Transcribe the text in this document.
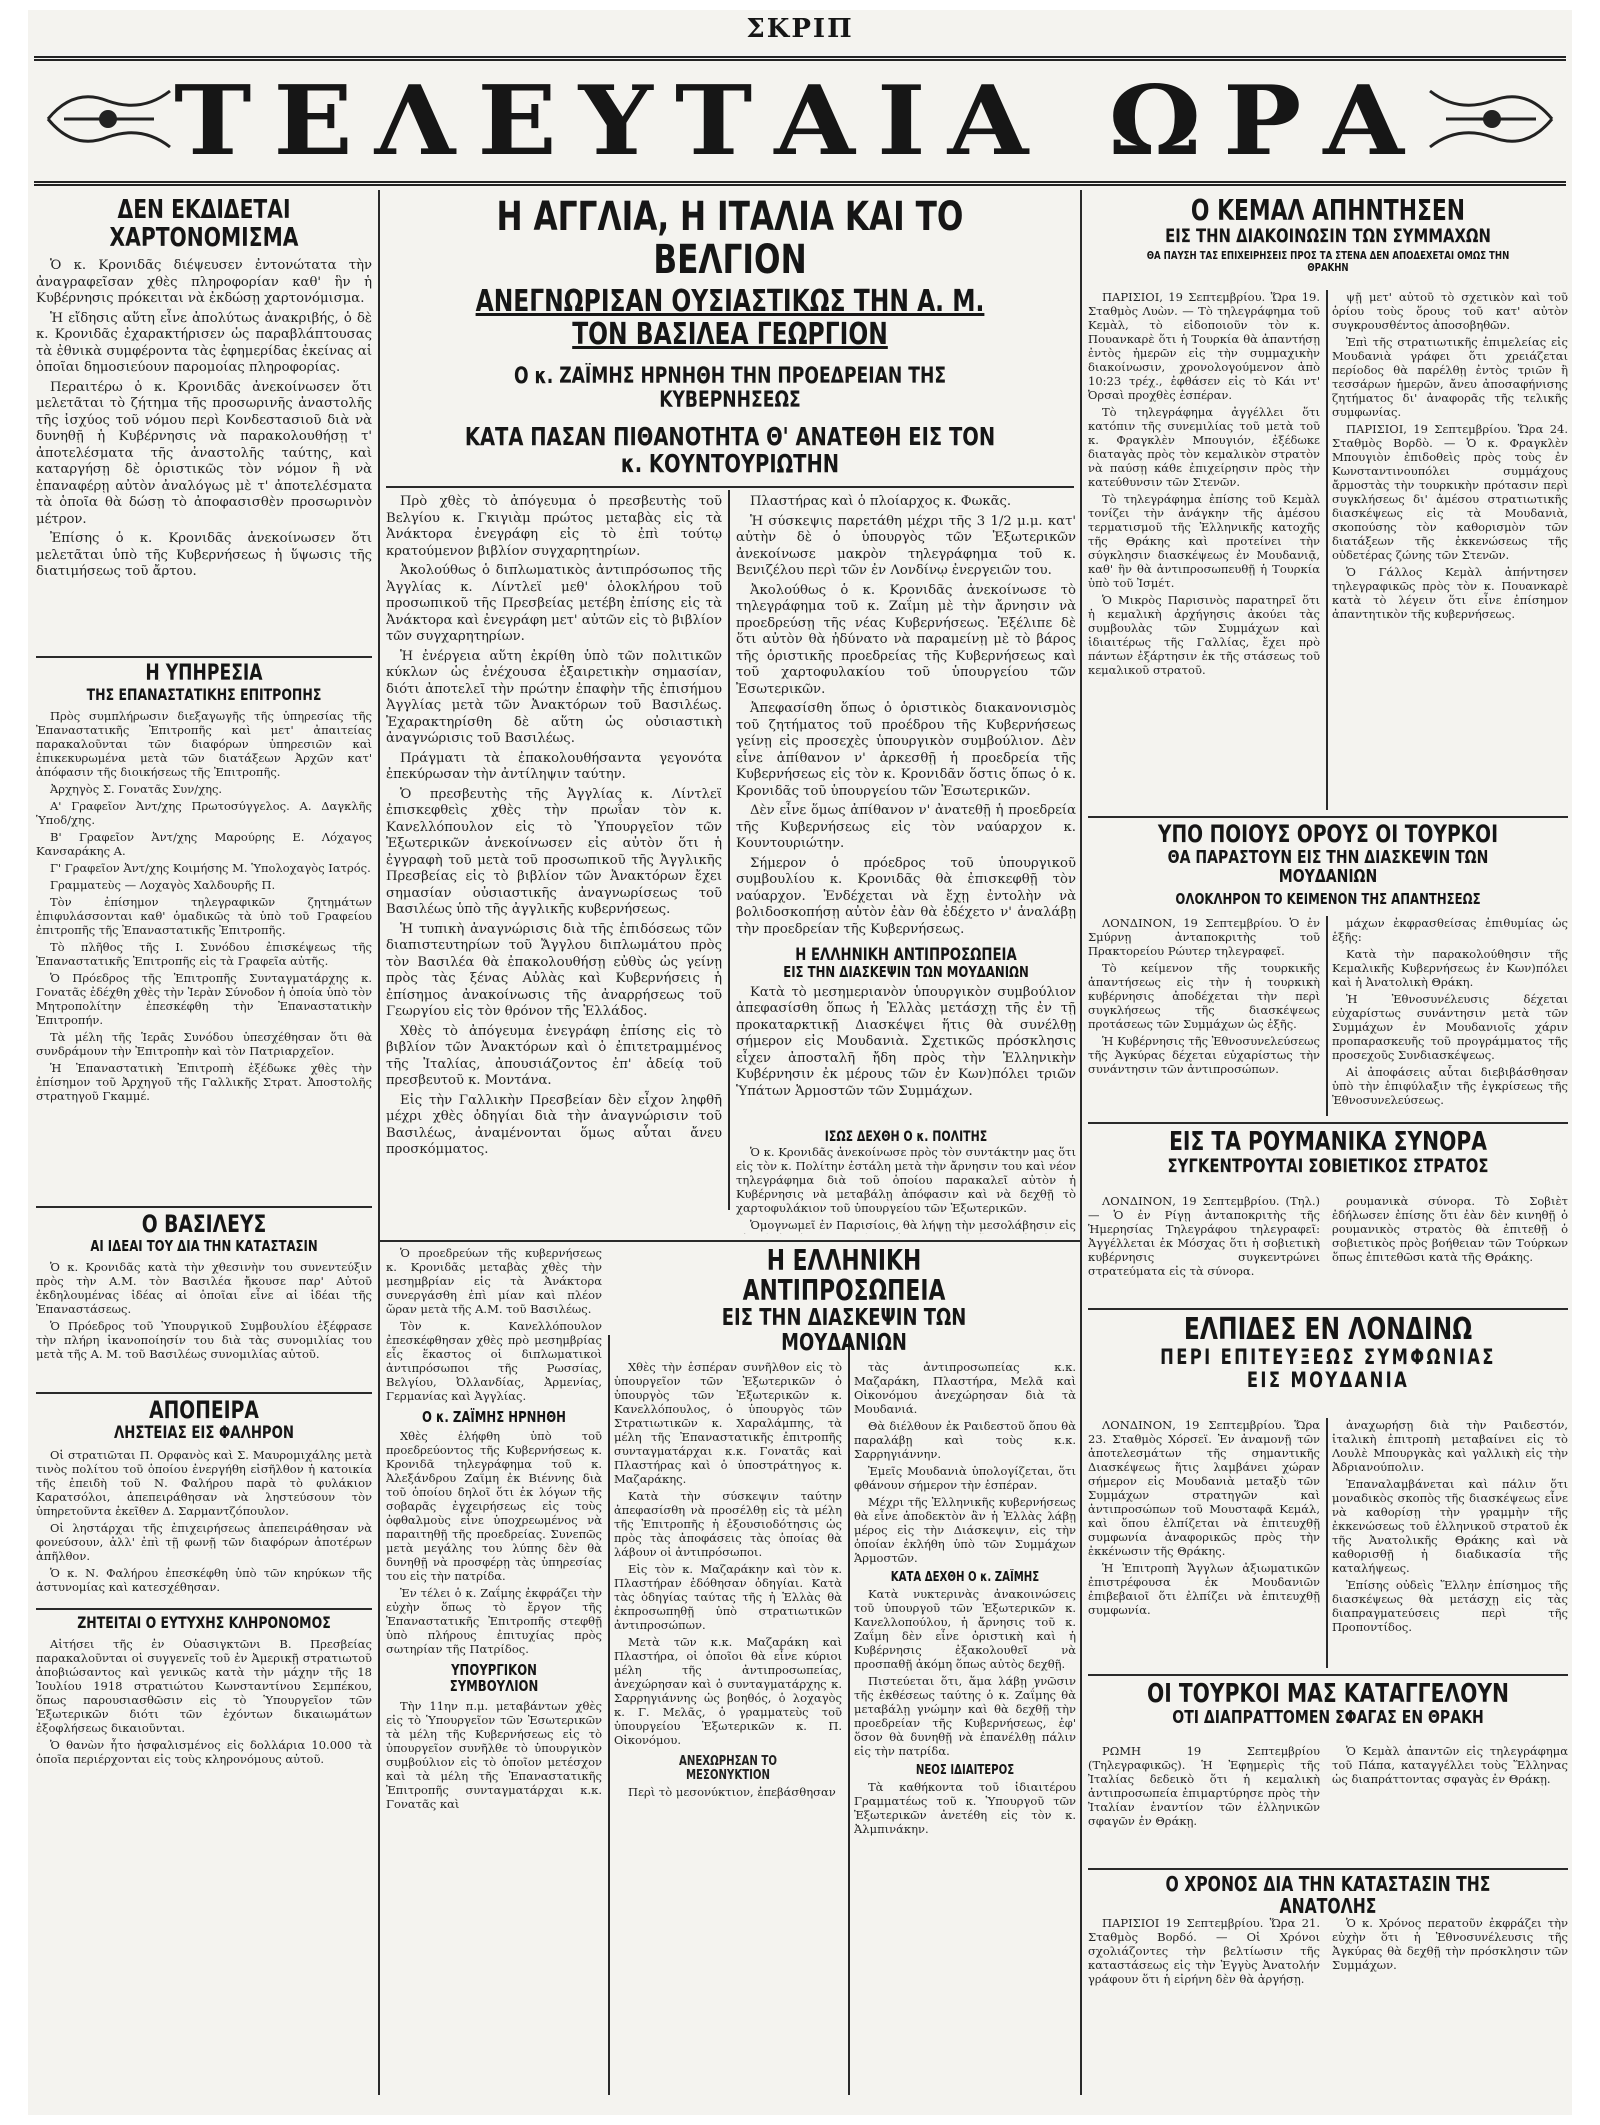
ΣΚΡΙΠ
ΤΕΛΕΥΤΑΙΑ ΩΡΑ
ΔΕΝ ΕΚΔΙΔΕΤΑΙ
ΧΑΡΤΟΝΟΜΙΣΜΑ

Ὁ κ. Κρονιδᾶς διέψευσεν ἐντονώτατα τὴν ἀναγραφεῖσαν χθὲς πληροφορίαν καθ' ἣν ἡ Κυβέρνησις πρόκειται νὰ ἐκδώσῃ χαρτονόμισμα.

Ἡ εἴδησις αὕτη εἶνε ἀπολύτως ἀνακριβής, ὁ δὲ κ. Κρονιδᾶς ἐχαρακτήρισεν ὡς παραβλάπτουσας τὰ ἐθνικὰ συμφέροντα τὰς ἐφημερίδας ἐκείνας αἱ ὁποῖαι δημοσιεύουν παρομοίας πληροφορίας.

Περαιτέρω ὁ κ. Κρονιδᾶς ἀνεκοίνωσεν ὅτι μελετᾶται τὸ ζήτημα τῆς προσωρινῆς ἀναστολῆς τῆς ἰσχύος τοῦ νόμου περὶ Κονδεστασιοῦ διὰ νὰ δυνηθῇ ἡ Κυβέρνησις νὰ παρακολουθήσῃ τ' ἀποτελέσματα τῆς ἀναστολῆς ταύτης, καὶ καταργήσῃ δὲ ὁριστικῶς τὸν νόμον ἢ νὰ ἐπαναφέρῃ αὐτὸν ἀναλόγως μὲ τ' ἀποτελέσματα τὰ ὁποῖα θὰ δώσῃ τὸ ἀποφασισθὲν προσωρινὸν μέτρον.

Ἐπίσης ὁ κ. Κρονιδᾶς ἀνεκοίνωσεν ὅτι μελετᾶται ὑπὸ τῆς Κυβερνήσεως ἡ ὕψωσις τῆς διατιμήσεως τοῦ ἄρτου.

Η ΥΠΗΡΕΣΙΑ
ΤΗΣ ΕΠΑΝΑΣΤΑΤΙΚΗΣ ΕΠΙΤΡΟΠΗΣ

Πρὸς συμπλήρωσιν διεξαγωγῆς τῆς ὑπηρεσίας τῆς Ἐπαναστατικῆς Ἐπιτροπῆς καὶ μετ' ἀπαιτείας παρακαλοῦνται τῶν διαφόρων ὑπηρεσιῶν καὶ ἐπικεκυρωμένα μετὰ τῶν διατάξεων Ἀρχῶν κατ' ἀπόφασιν τῆς διοικήσεως τῆς Ἐπιτροπῆς.

Ἀρχηγὸς Σ. Γονατᾶς Συν/χης.

Α' Γραφεῖον Ἀντ/χης Πρωτοσύγγελος. Α. Δαγκλῆς Ὑποδ/χης.

Β' Γραφεῖον Ἀντ/χης Μαρούρης Ε. Λόχαγος Κανσαράκης Α.

Γ' Γραφεῖον Ἀντ/χης Κοιμήσης Μ. Ὑπολοχαγὸς Ιατρός.

Γραμματεὺς — Λοχαγὸς Χαλδουρῆς Π.

Τὸν ἐπίσημον τηλεγραφικῶν ζητημάτων ἐπιφυλάσσονται καθ' ὁμαδικῶς τὰ ὑπὸ τοῦ Γραφείου ἐπιτροπῆς τῆς Ἐπαναστατικῆς Ἐπιτροπῆς.

Τὸ πλῆθος τῆς Ι. Συνόδου ἐπισκέψεως τῆς Ἐπαναστατικῆς Ἐπιτροπῆς εἰς τὰ Γραφεῖα αὐτῆς.

Ὁ Πρόεδρος τῆς Ἐπιτροπῆς Συνταγματάρχης κ. Γονατᾶς ἐδέχθη χθὲς τὴν Ἱερὰν Σύνοδον ἡ ὁποία ὑπὸ τὸν Μητροπολίτην ἐπεσκέφθη τὴν Ἐπαναστατικὴν Ἐπιτροπήν.

Τὰ μέλη τῆς Ἱερᾶς Συνόδου ὑπεσχέθησαν ὅτι θὰ συνδράμουν τὴν Ἐπιτροπὴν καὶ τὸν Πατριαρχεῖον.

Ἡ Ἐπαναστατικὴ Ἐπιτροπὴ ἐξέδωκε χθὲς τὴν ἐπίσημον τοῦ Ἀρχηγοῦ τῆς Γαλλικῆς Στρατ. Ἀποστολῆς στρατηγοῦ Γκαμμέ.

Ο ΒΑΣΙΛΕΥΣ
ΑΙ ΙΔΕΑΙ ΤΟΥ ΔΙΑ ΤΗΝ ΚΑΤΑΣΤΑΣΙΝ

Ὁ κ. Κρονιδᾶς κατὰ τὴν χθεσινὴν του συνεντεύξιν πρὸς τὴν Α.Μ. τὸν Βασιλέα ἤκουσε παρ' Αὐτοῦ ἐκδηλουμένας ἰδέας αἱ ὁποῖαι εἶνε αἱ ἰδέαι τῆς Ἐπαναστάσεως.

Ὁ Πρόεδρος τοῦ Ὑπουργικοῦ Συμβουλίου ἐξέφρασε τὴν πλήρη ἱκανοποίησίν του διὰ τὰς συνομιλίας του μετὰ τῆς Α. Μ. τοῦ Βασιλέως συνομιλίας αὐτοῦ.

ΑΠΟΠΕΙΡΑ
ΛΗΣΤΕΙΑΣ ΕΙΣ ΦΑΛΗΡΟΝ

Οἱ στρατιῶται Π. Ορφανὸς καὶ Σ. Μαυρομιχάλης μετὰ τινὸς πολίτου τοῦ ὁποίου ἐνεργήθη εἰσῆλθον ἡ κατοικία τῆς ἐπειδὴ τοῦ Ν. Φαλήρου παρὰ τὸ φυλάκιον Καρατσόλοι, ἀπεπειράθησαν νὰ ληστεύσουν τὸν ὑπηρετοῦντα ἐκεῖθεν Δ. Σαρμαντζόπουλον.

Οἱ ληστάρχαι τῆς ἐπιχειρήσεως ἀπεπειράθησαν νὰ φονεύσουν, ἀλλ' ἐπὶ τῇ φωνῇ τῶν διαφόρων ἀποτέρων ἀπῆλθον.

Ὁ κ. Ν. Φαλήρου ἐπεσκέφθη ὑπὸ τῶν κηρύκων τῆς ἀστυνομίας καὶ κατεσχέθησαν.

ΖΗΤΕΙΤΑΙ Ο ΕΥΤΥΧΗΣ ΚΛΗΡΟΝΟΜΟΣ

Αἰτήσει τῆς ἐν Οὐασιγκτῶνι Β. Πρεσβείας παρακαλοῦνται οἱ συγγενεῖς τοῦ ἐν Ἀμερικῇ στρατιωτοῦ ἀποβιώσαντος καὶ γενικῶς κατὰ τὴν μάχην τῆς 18 Ἰουλίου 1918 στρατιώτου Κωνσταντίνου Σεμπέκου, ὅπως παρουσιασθῶσιν εἰς τὸ Ὑπουργεῖον τῶν Ἐξωτερικῶν διότι τῶν ἐχόντων δικαιωμάτων ἐξοφλήσεως δικαιοῦνται.

Ὁ θανὼν ἦτο ἠσφαλισμένος εἰς δολλάρια 10.000 τὰ ὁποῖα περιέρχονται εἰς τοὺς κληρονόμους αὐτοῦ.

Η ΑΓΓΛΙΑ, Η ΙΤΑΛΙΑ ΚΑΙ ΤΟ ΒΕΛΓΙΟΝ
ΑΝΕΓΝΩΡΙΣΑΝ ΟΥΣΙΑΣΤΙΚΩΣ ΤΗΝ Α. Μ. ΤΟΝ ΒΑΣΙΛΕΑ ΓΕΩΡΓΙΟΝ
Ο κ. ΖΑΪΜΗΣ ΗΡΝΗΘΗ ΤΗΝ ΠΡΟΕΔΡΕΙΑΝ ΤΗΣ ΚΥΒΕΡΝΗΣΕΩΣ
ΚΑΤΑ ΠΑΣΑΝ ΠΙΘΑΝΟΤΗΤΑ Θ' ΑΝΑΤΕΘΗ ΕΙΣ ΤΟΝ κ. ΚΟΥΝΤΟΥΡΙΩΤΗΝ

Πρὸ χθὲς τὸ ἀπόγευμα ὁ πρεσβευτὴς τοῦ Βελγίου κ. Γκιγιὰμ πρώτος μεταβὰς εἰς τὰ Ἀνάκτορα ἐνεγράφη εἰς τὸ ἐπὶ τούτῳ κρατούμενον βιβλίον συγχαρητηρίων.

Ἀκολούθως ὁ διπλωματικὸς ἀντιπρόσωπος τῆς Ἀγγλίας κ. Λίντλεϊ μεθ' ὁλοκλήρου τοῦ προσωπικοῦ τῆς Πρεσβείας μετέβη ἐπίσης εἰς τὰ Ἀνάκτορα καὶ ἐνεγράφη μετ' αὐτῶν εἰς τὸ βιβλίον τῶν συγχαρητηρίων.

Ἡ ἐνέργεια αὕτη ἐκρίθη ὑπὸ τῶν πολιτικῶν κύκλων ὡς ἐνέχουσα ἐξαιρετικὴν σημασίαν, διότι ἀποτελεῖ τὴν πρώτην ἐπαφὴν τῆς ἐπισήμου Ἀγγλίας μετὰ τῶν Ἀνακτόρων τοῦ Βασιλέως. Ἐχαρακτηρίσθη δὲ αὕτη ὡς οὐσιαστικὴ ἀναγνώρισις τοῦ Βασιλέως.

Πράγματι τὰ ἐπακολουθήσαντα γεγονότα ἐπεκύρωσαν τὴν ἀντίληψιν ταύτην.

Ὁ πρεσβευτὴς τῆς Ἀγγλίας κ. Λίντλεϊ ἐπισκεφθεὶς χθὲς τὴν πρωΐαν τὸν κ. Κανελλόπουλον εἰς τὸ Ὑπουργεῖον τῶν Ἐξωτερικῶν ἀνεκοίνωσεν εἰς αὐτὸν ὅτι ἡ ἐγγραφὴ τοῦ μετὰ τοῦ προσωπικοῦ τῆς Ἀγγλικῆς Πρεσβείας εἰς τὸ βιβλίον τῶν Ἀνακτόρων ἔχει σημασίαν οὐσιαστικῆς ἀναγνωρίσεως τοῦ Βασιλέως ὑπὸ τῆς ἀγγλικῆς κυβερνήσεως.

Ἡ τυπικὴ ἀναγνώρισις διὰ τῆς ἐπιδόσεως τῶν διαπιστευτηρίων τοῦ Ἄγγλου διπλωμάτου πρὸς τὸν Βασιλέα θὰ ἐπακολουθήσῃ εὐθὺς ὡς γείνῃ πρὸς τὰς ξένας Αὐλὰς καὶ Κυβερνήσεις ἡ ἐπίσημος ἀνακοίνωσις τῆς ἀναρρήσεως τοῦ Γεωργίου εἰς τὸν θρόνον τῆς Ἑλλάδος.

Χθὲς τὸ ἀπόγευμα ἐνεγράφη ἐπίσης εἰς τὸ βιβλίον τῶν Ἀνακτόρων καὶ ὁ ἐπιτετραμμένος τῆς Ἰταλίας, ἀπουσιάζοντος ἐπ' ἀδείᾳ τοῦ πρεσβευτοῦ κ. Μοντάνα.

Εἰς τὴν Γαλλικὴν Πρεσβείαν δὲν εἶχον ληφθῆ μέχρι χθὲς ὁδηγίαι διὰ τὴν ἀναγνώρισιν τοῦ Βασιλέως, ἀναμένονται ὅμως αὗται ἄνευ προσκόμματος.

Πλαστήρας καὶ ὁ πλοίαρχος κ. Φωκᾶς.

Ἡ σύσκεψις παρετάθη μέχρι τῆς 3 1/2 μ.μ. κατ' αὐτὴν δὲ ὁ ὑπουργὸς τῶν Ἐξωτερικῶν ἀνεκοίνωσε μακρὸν τηλεγράφημα τοῦ κ. Βενιζέλου περὶ τῶν ἐν Λονδίνῳ ἐνεργειῶν του.

Ἀκολούθως ὁ κ. Κρονιδᾶς ἀνεκοίνωσε τὸ τηλεγράφημα τοῦ κ. Ζαΐμη μὲ τὴν ἄρνησιν νὰ προεδρεύσῃ τῆς νέας Κυβερνήσεως. Ἐξέλιπε δὲ ὅτι αὐτὸν θὰ ἠδύνατο νὰ παραμείνῃ μὲ τὸ βάρος τῆς ὁριστικῆς προεδρείας τῆς Κυβερνήσεως καὶ τοῦ χαρτοφυλακίου τοῦ ὑπουργείου τῶν Ἐσωτερικῶν.

Ἀπεφασίσθη ὅπως ὁ ὁριστικὸς διακανονισμὸς τοῦ ζητήματος τοῦ προέδρου τῆς Κυβερνήσεως γείνῃ εἰς προσεχὲς ὑπουργικὸν συμβούλιον. Δὲν εἶνε ἀπίθανον ν' ἀρκεσθῇ ἡ προεδρεία τῆς Κυβερνήσεως εἰς τὸν κ. Κρονιδᾶν ὅστις ὅπως ὁ κ. Κρονιδᾶς τοῦ ὑπουργείου τῶν Ἐσωτερικῶν.

Δὲν εἶνε ὅμως ἀπίθανον ν' ἀνατεθῇ ἡ προεδρεία τῆς Κυβερνήσεως εἰς τὸν ναύαρχον κ. Κουντουριώτην.

Σήμερον ὁ πρόεδρος τοῦ ὑπουργικοῦ συμβουλίου κ. Κρονιδᾶς θὰ ἐπισκεφθῇ τὸν ναύαρχον. Ἐνδέχεται νὰ ἔχῃ ἐντολὴν νὰ βολιδοσκοπήσῃ αὐτὸν ἐὰν θὰ ἐδέχετο ν' ἀναλάβῃ τὴν προεδρείαν τῆς Κυβερνήσεως.

Η ΕΛΛΗΝΙΚΗ ΑΝΤΙΠΡΟΣΩΠΕΙΑ
ΕΙΣ ΤΗΝ ΔΙΑΣΚΕΨΙΝ ΤΩΝ ΜΟΥΔΑΝΙΩΝ

Κατὰ τὸ μεσημεριανὸν ὑπουργικὸν συμβούλιον ἀπεφασίσθη ὅπως ἡ Ἑλλὰς μετάσχῃ τῆς ἐν τῇ προκαταρκτικῇ Διασκέψει ἥτις θὰ συνέλθῃ σήμερον εἰς Μουδανιὰ. Σχετικῶς πρόσκλησις εἶχεν ἀποσταλῆ ἤδη πρὸς τὴν Ἑλληνικὴν Κυβέρνησιν ἐκ μέρους τῶν ἐν Κων)πόλει τριῶν Ὑπάτων Ἁρμοστῶν τῶν Συμμάχων.

Ὁ προεδρεύων τῆς κυβερνήσεως κ. Κρονιδᾶς μεταβὰς χθὲς τὴν μεσημβρίαν εἰς τὰ Ἀνάκτορα συνεργάσθη ἐπὶ μίαν καὶ πλέον ὥραν μετὰ τῆς Α.Μ. τοῦ Βασιλέως.

Τὸν κ. Κανελλόπουλον ἐπεσκέφθησαν χθὲς πρὸ μεσημβρίας εἷς ἕκαστος οἱ διπλωματικοὶ ἀντιπρόσωποι τῆς Ρωσσίας, Βελγίου, Ὀλλανδίας, Ἀρμενίας, Γερμανίας καὶ Ἀγγλίας.

Ο κ. ΖΑΪΜΗΣ ΗΡΝΗΘΗ

Χθὲς ἐλήφθη ὑπὸ τοῦ προεδρεύοντος τῆς Κυβερνήσεως κ. Κρονιδᾶ τηλεγράφημα τοῦ κ. Ἀλεξάνδρου Ζαΐμη ἐκ Βιέννης διὰ τοῦ ὁποίου δηλοῖ ὅτι ἐκ λόγων τῆς σοβαρᾶς ἐγχειρήσεως εἰς τοὺς ὀφθαλμοὺς εἶνε ὑποχρεωμένος νὰ παραιτηθῇ τῆς προεδρείας. Συνεπῶς μετὰ μεγάλης του λύπης δὲν θὰ δυνηθῇ νὰ προσφέρῃ τὰς ὑπηρεσίας του εἰς τὴν πατρίδα.

Ἐν τέλει ὁ κ. Ζαΐμης ἐκφράζει τὴν εὐχὴν ὅπως τὸ ἔργον τῆς Ἐπαναστατικῆς Ἐπιτροπῆς στεφθῇ ὑπὸ πλήρους ἐπιτυχίας πρὸς σωτηρίαν τῆς Πατρίδος.

ΥΠΟΥΡΓΙΚΟΝ ΣΥΜΒΟΥΛΙΟΝ

Τὴν 11ην π.μ. μεταβάντων χθὲς εἰς τὸ Ὑπουργεῖον τῶν Ἐσωτερικῶν τὰ μέλη τῆς Κυβερνήσεως εἰς τὸ ὑπουργεῖον συνῆλθε τὸ ὑπουργικὸν συμβούλιον εἰς τὸ ὁποῖον μετέσχον καὶ τὰ μέλη τῆς Ἐπαναστατικῆς Ἐπιτροπῆς συνταγματάρχαι κ.κ. Γονατᾶς καὶ

Η ΕΛΛΗΝΙΚΗ ΑΝΤΙΠΡΟΣΩΠΕΙΑ
ΕΙΣ ΤΗΝ ΔΙΑΣΚΕΨΙΝ ΤΩΝ ΜΟΥΔΑΝΙΩΝ

Χθὲς τὴν ἑσπέραν συνῆλθον εἰς τὸ ὑπουργεῖον τῶν Ἐξωτερικῶν ὁ ὑπουργὸς τῶν Ἐξωτερικῶν κ. Κανελλόπουλος, ὁ ὑπουργὸς τῶν Στρατιωτικῶν κ. Χαραλάμπης, τὰ μέλη τῆς Ἐπαναστατικῆς ἐπιτροπῆς συνταγματάρχαι κ.κ. Γονατᾶς καὶ Πλαστήρας καὶ ὁ ὑποστράτηγος κ. Μαζαράκης.

Κατὰ τὴν σύσκεψιν ταύτην ἀπεφασίσθη νὰ προσέλθῃ εἰς τὰ μέλη τῆς Ἐπιτροπῆς ἡ ἐξουσιοδότησις ὡς πρὸς τὰς ἀποφάσεις τὰς ὁποίας θὰ λάβουν οἱ ἀντιπρόσωποι.

Εἰς τὸν κ. Μαζαράκην καὶ τὸν κ. Πλαστήραν ἐδόθησαν ὁδηγίαι. Κατὰ τὰς ὁδηγίας ταύτας τῆς ἡ Ἑλλὰς θὰ ἐκπροσωπηθῇ ὑπὸ στρατιωτικῶν ἀντιπροσώπων.

Μετὰ τῶν κ.κ. Μαζαράκη καὶ Πλαστήρα, οἱ ὁποῖοι θὰ εἶνε κύριοι μέλη τῆς ἀντιπροσωπείας, ἀνεχώρησαν καὶ ὁ συνταγματάρχης κ. Σαρρηγιάννης ὡς βοηθός, ὁ λοχαγὸς κ. Γ. Μελᾶς, ὁ γραμματεὺς τοῦ ὑπουργείου Ἐξωτερικῶν κ. Π. Οἰκονόμου.

ΑΝΕΧΩΡΗΣΑΝ ΤΟ ΜΕΣΟΝΥΚΤΙΟΝ

Περὶ τὸ μεσονύκτιον, ἐπεβάσθησαν

τὰς ἀντιπροσωπείας κ.κ. Μαζαράκη, Πλαστήρα, Μελᾶ καὶ Οἰκονόμου ἀνεχώρησαν διὰ τὰ Μουδανιά.

Θὰ διέλθουν ἐκ Ραιδεστοῦ ὅπου θὰ παραλάβῃ καὶ τοὺς κ.κ. Σαρρηγιάννην.

Ἐμεῖς Μουδανιὰ ὑπολογίζεται, ὅτι φθάνουν σήμερον τὴν ἑσπέραν.

Μέχρι τῆς Ἑλληνικῆς κυβερνήσεως θὰ εἶνε ἀποδεκτὸν ἂν ἡ Ἑλλὰς λάβῃ μέρος εἰς τὴν Διάσκεψιν, εἰς τὴν ὁποίαν ἐκλήθη ὑπὸ τῶν Συμμάχων Ἁρμοστῶν.

ΚΑΤΑ ΔΕΧΘΗ Ο κ. ΖΑΪΜΗΣ

Κατὰ νυκτερινὰς ἀνακοινώσεις τοῦ ὑπουργοῦ τῶν Ἐξωτερικῶν κ. Κανελλοπούλου, ἡ ἄρνησις τοῦ κ. Ζαΐμη δὲν εἶνε ὁριστικὴ καὶ ἡ Κυβέρνησις ἐξακολουθεῖ νὰ προσπαθῇ ἀκόμη ὅπως αὐτὸς δεχθῇ.

Πιστεύεται ὅτι, ἅμα λάβῃ γνῶσιν τῆς ἐκθέσεως ταύτης ὁ κ. Ζαΐμης θὰ μεταβάλῃ γνώμην καὶ θὰ δεχθῇ τὴν προεδρείαν τῆς Κυβερνήσεως, ἐφ' ὅσον θὰ δυνηθῇ νὰ ἐπανέλθῃ πάλιν εἰς τὴν πατρίδα.

ΝΕΟΣ ΙΔΙΑΙΤΕΡΟΣ

Τὰ καθήκοντα τοῦ ἰδιαιτέρου Γραμματέως τοῦ κ. Ὑπουργοῦ τῶν Ἐξωτερικῶν ἀνετέθη εἰς τὸν κ. Ἀλμπινάκην.

Ο ΚΕΜΑΛ ΑΠΗΝΤΗΣΕΝ
ΕΙΣ ΤΗΝ ΔΙΑΚΟΙΝΩΣΙΝ ΤΩΝ ΣΥΜΜΑΧΩΝ
ΘΑ ΠΑΥΣΗ ΤΑΣ ΕΠΙΧΕΙΡΗΣΕΙΣ ΠΡΟΣ ΤΑ ΣΤΕΝΑ ΔΕΝ ΑΠΟΔΕΧΕΤΑΙ ΟΜΩΣ ΤΗΝ ΘΡΑΚΗΝ

ΠΑΡΙΣΙΟΙ, 19 Σεπτεμβρίου. Ὥρα 19. Σταθμὸς Λυὼν. — Τὸ τηλεγράφημα τοῦ Κεμὰλ, τὸ εἰδοποιοῦν τὸν κ. Πουανκαρὲ ὅτι ἡ Τουρκία θὰ ἀπαντήσῃ ἐντὸς ἡμερῶν εἰς τὴν συμμαχικὴν διακοίνωσιν, χρονολογούμενον ἀπὸ 10:23 τρέχ., ἐφθάσεν εἰς τὸ Κάι ντ' Ὀρσαὶ προχθὲς ἑσπέραν.

Τὸ τηλεγράφημα ἀγγέλλει ὅτι κατόπιν τῆς συνεμιλίας τοῦ μετὰ τοῦ κ. Φραγκλὲν Μπουγιόν, ἐξέδωκε διαταγὰς πρὸς τὸν κεμαλικὸν στρατὸν νὰ παύσῃ κάθε ἐπιχείρησιν πρὸς τὴν κατεύθυνσιν τῶν Στενῶν.

Τὸ τηλεγράφημα ἐπίσης τοῦ Κεμὰλ τονίζει τὴν ἀνάγκην τῆς ἀμέσου τερματισμοῦ τῆς Ἑλληνικῆς κατοχῆς τῆς Θράκης καὶ προτείνει τὴν σύγκλησιν διασκέψεως ἐν Μουδανιᾷ, καθ' ἣν θὰ ἀντιπροσωπευθῇ ἡ Τουρκία ὑπὸ τοῦ Ἰσμέτ.

Ὁ Μικρὸς Παρισινὸς παρατηρεῖ ὅτι ἡ κεμαλικὴ ἀρχήγησις ἀκούει τὰς συμβουλὰς τῶν Συμμάχων καὶ ἰδιαιτέρως τῆς Γαλλίας, ἔχει πρὸ πάντων ἐξάρτησιν ἐκ τῆς στάσεως τοῦ κεμαλικοῦ στρατοῦ.

ψῇ μετ' αὐτοῦ τὸ σχετικὸν καὶ τοῦ ὁρίου τοὺς ὅρους τοῦ κατ' αὐτὸν συγκρουσθέντος ἀποσοβηθῶν.

Ἐπὶ τῆς στρατιωτικῆς ἐπιμελείας εἰς Μουδανιὰ γράφει ὅτι χρειάζεται περίοδος θὰ παρέλθῃ ἐντὸς τριῶν ἢ τεσσάρων ἡμερῶν, ἄνευ ἀποσαφήνισης ζητήματος δι' ἀναφορᾶς τῆς τελικῆς συμφωνίας.

ΠΑΡΙΣΙΟΙ, 19 Σεπτεμβρίου. Ὥρα 24. Σταθμὸς Βορδὸ. — Ὁ κ. Φραγκλὲν Μπουγιὸν ἐπιδοθεὶς πρὸς τοὺς ἐν Κωνσταντινουπόλει συμμάχους ἄρμοστὰς τὴν τουρκικὴν πρότασιν περὶ συγκλήσεως δι' ἀμέσου στρατιωτικῆς διασκέψεως εἰς τὰ Μουδανιὰ, σκοπούσης τὸν καθορισμὸν τῶν διατάξεων τῆς ἐκκενώσεως τῆς οὐδετέρας ζώνης τῶν Στενῶν.

Ὁ Γάλλος Κεμὰλ ἀπήντησεν τηλεγραφικῶς πρὸς τὸν κ. Πουανκαρὲ κατὰ τὸ λέγειν ὅτι εἶνε ἐπίσημον ἀπαντητικὸν τῆς κυβερνήσεως.

ΥΠΟ ΠΟΙΟΥΣ ΟΡΟΥΣ ΟΙ ΤΟΥΡΚΟΙ
ΘΑ ΠΑΡΑΣΤΟΥΝ ΕΙΣ ΤΗΝ ΔΙΑΣΚΕΨΙΝ ΤΩΝ ΜΟΥΔΑΝΙΩΝ
ΟΛΟΚΛΗΡΟΝ ΤΟ ΚΕΙΜΕΝΟΝ ΤΗΣ ΑΠΑΝΤΗΣΕΩΣ

ΛΟΝΔΙΝΟΝ, 19 Σεπτεμβρίου. Ὁ ἐν Σμύρνῃ ἀνταποκριτὴς τοῦ Πρακτορείου Ρώυτερ τηλεγραφεῖ.

Τὸ κείμενον τῆς τουρκικῆς ἀπαντήσεως εἰς τὴν ἡ τουρκικὴ κυβέρνησις ἀποδέχεται τὴν περὶ συγκλήσεως τῆς διασκέψεως προτάσεως τῶν Συμμάχων ὡς ἑξῆς.

Ἡ Κυβέρνησις τῆς Ἐθνοσυνελεύσεως τῆς Ἀγκύρας δέχεται εὐχαρίστως τὴν συνάντησιν τῶν ἀντιπροσώπων.

μάχων ἐκφρασθείσας ἐπιθυμίας ὡς ἑξῆς:

Κατὰ τὴν παρακολούθησιν τῆς Κεμαλικῆς Κυβερνήσεως ἐν Κων)πόλει καὶ ἡ Ἀνατολικὴ Θράκη.

Ἡ Ἐθνοσυνέλευσις δέχεται εὐχαρίστως συνάντησιν μετὰ τῶν Συμμάχων ἐν Μουδανιοῖς χάριν προπαρασκευῆς τοῦ προγράμματος τῆς προσεχοῦς Συνδιασκέψεως.

Αἱ ἀποφάσεις αὗται διεβιβάσθησαν ὑπὸ τὴν ἐπιφύλαξιν τῆς ἐγκρίσεως τῆς Ἐθνοσυνελεύσεως.

ΕΙΣ ΤΑ ΡΟΥΜΑΝΙΚΑ ΣΥΝΟΡΑ
ΣΥΓΚΕΝΤΡΟΥΤΑΙ ΣΟΒΙΕΤΙΚΟΣ ΣΤΡΑΤΟΣ

ΛΟΝΔΙΝΟΝ, 19 Σεπτεμβρίου. (Τηλ.) — Ὁ ἐν Ρίγῃ ἀνταποκριτὴς τῆς Ἡμερησίας Τηλεγράφου τηλεγραφεῖ: Ἀγγέλλεται ἐκ Μόσχας ὅτι ἡ σοβιετικὴ κυβέρνησις συγκεντρώνει στρατεύματα εἰς τὰ σύνορα.

ρουμανικὰ σύνορα. Τὸ Σοβιὲτ ἐδήλωσεν ἐπίσης ὅτι ἐὰν δὲν κινηθῇ ὁ ρουμανικὸς στρατὸς θὰ ἐπιτεθῇ ὁ σοβιετικὸς πρὸς βοήθειαν τῶν Τούρκων ὅπως ἐπιτεθῶσι κατὰ τῆς Θράκης.

ΕΛΠΙΔΕΣ ΕΝ ΛΟΝΔΙΝΩ
ΠΕΡΙ ΕΠΙΤΕΥΞΕΩΣ ΣΥΜΦΩΝΙΑΣ
ΕΙΣ ΜΟΥΔΑΝΙΑ

ΛΟΝΔΙΝΟΝ, 19 Σεπτεμβρίου. Ὥρα 23. Σταθμὸς Χόρσεϊ. Ἐν ἀναμονῇ τῶν ἀποτελεσμάτων τῆς σημαντικῆς Διασκέψεως ἥτις λαμβάνει χώραν σήμερον εἰς Μουδανιὰ μεταξὺ τῶν Συμμάχων στρατηγῶν καὶ ἀντιπροσώπων τοῦ Μουσταφᾶ Κεμάλ, καὶ ὅπου ἐλπίζεται νὰ ἐπιτευχθῇ συμφωνία ἀναφορικῶς πρὸς τὴν ἐκκένωσιν τῆς Θράκης.

Ἡ Ἐπιτροπὴ Ἄγγλων ἀξιωματικῶν ἐπιστρέφουσα ἐκ Μουδανιῶν ἐπιβεβαιοῖ ὅτι ἐλπίζει νὰ ἐπιτευχθῇ συμφωνία.

ἀναχωρήσῃ διὰ τὴν Ραιδεστόν, ἰταλικὴ ἐπιτροπὴ μεταβαίνει εἰς τὸ Λουλὲ Μπουργκὰς καὶ γαλλικὴ εἰς τὴν Ἀδριανούπολιν.

Ἐπαναλαμβάνεται καὶ πάλιν ὅτι μοναδικὸς σκοπὸς τῆς διασκέψεως εἶνε νὰ καθορίσῃ τὴν γραμμὴν τῆς ἐκκενώσεως τοῦ ἑλληνικοῦ στρατοῦ ἐκ τῆς Ἀνατολικῆς Θράκης καὶ νὰ καθορισθῇ ἡ διαδικασία τῆς καταλήψεως.

Ἐπίσης οὐδεὶς Ἕλλην ἐπίσημος τῆς διασκέψεως θὰ μετάσχῃ εἰς τὰς διαπραγματεύσεις περὶ τῆς Προποντίδος.

ΟΙ ΤΟΥΡΚΟΙ ΜΑΣ ΚΑΤΑΓΓΕΛΟΥΝ
ΟΤΙ ΔΙΑΠΡΑΤΤΟΜΕΝ ΣΦΑΓΑΣ ΕΝ ΘΡΑΚΗ

ΡΩΜΗ 19 Σεπτεμβρίου (Τηλεγραφικῶς). Ἡ Ἐφημερὶς τῆς Ἰταλίας δεδεικὸ ὅτι ἡ κεμαλικὴ ἀντιπροσωπεία ἐπιμαρτύρησε πρὸς τὴν Ἰταλίαν ἐναντίον τῶν ἑλληνικῶν σφαγῶν ἐν Θράκῃ.

Ὁ Κεμὰλ ἀπαντῶν εἰς τηλεγράφημα τοῦ Πάπα, καταγγέλλει τοὺς Ἕλληνας ὡς διαπράττοντας σφαγὰς ἐν Θράκῃ.

Ο ΧΡΟΝΟΣ ΔΙΑ ΤΗΝ ΚΑΤΑΣΤΑΣΙΝ ΤΗΣ ΑΝΑΤΟΛΗΣ

ΠΑΡΙΣΙΟΙ 19 Σεπτεμβρίου. Ὥρα 21. Σταθμὸς Βορδό. — Οἱ Χρόνοι σχολιάζοντες τὴν βελτίωσιν τῆς καταστάσεως εἰς τὴν Ἐγγὺς Ἀνατολήν γράφουν ὅτι ἡ εἰρήνη δὲν θὰ ἀργήσῃ.

Ὁ κ. Χρόνος περατοῦν ἐκφράζει τὴν εὐχὴν ὅτι ἡ Ἐθνοσυνέλευσις τῆς Ἀγκύρας θὰ δεχθῇ τὴν πρόσκλησιν τῶν Συμμάχων.

ΙΣΩΣ ΔΕΧΘΗ Ο κ. ΠΟΛΙΤΗΣ

Ὁ κ. Κρονιδᾶς ἀνεκοίνωσε πρὸς τὸν συντάκτην μας ὅτι εἰς τὸν κ. Πολίτην ἐστάλη μετὰ τὴν ἄρνησιν του καὶ νέον τηλεγράφημα διὰ τοῦ ὁποίου παρακαλεῖ αὐτὸν ἡ Κυβέρνησις νὰ μεταβάλῃ ἀπόφασιν καὶ νὰ δεχθῇ τὸ χαρτοφυλάκιον τοῦ ὑπουργείου τῶν Ἐξωτερικῶν.

Ὁμογνωμεῖ ἐν Παρισίοις, θὰ λήψῃ τὴν μεσολάβησιν εἰς
